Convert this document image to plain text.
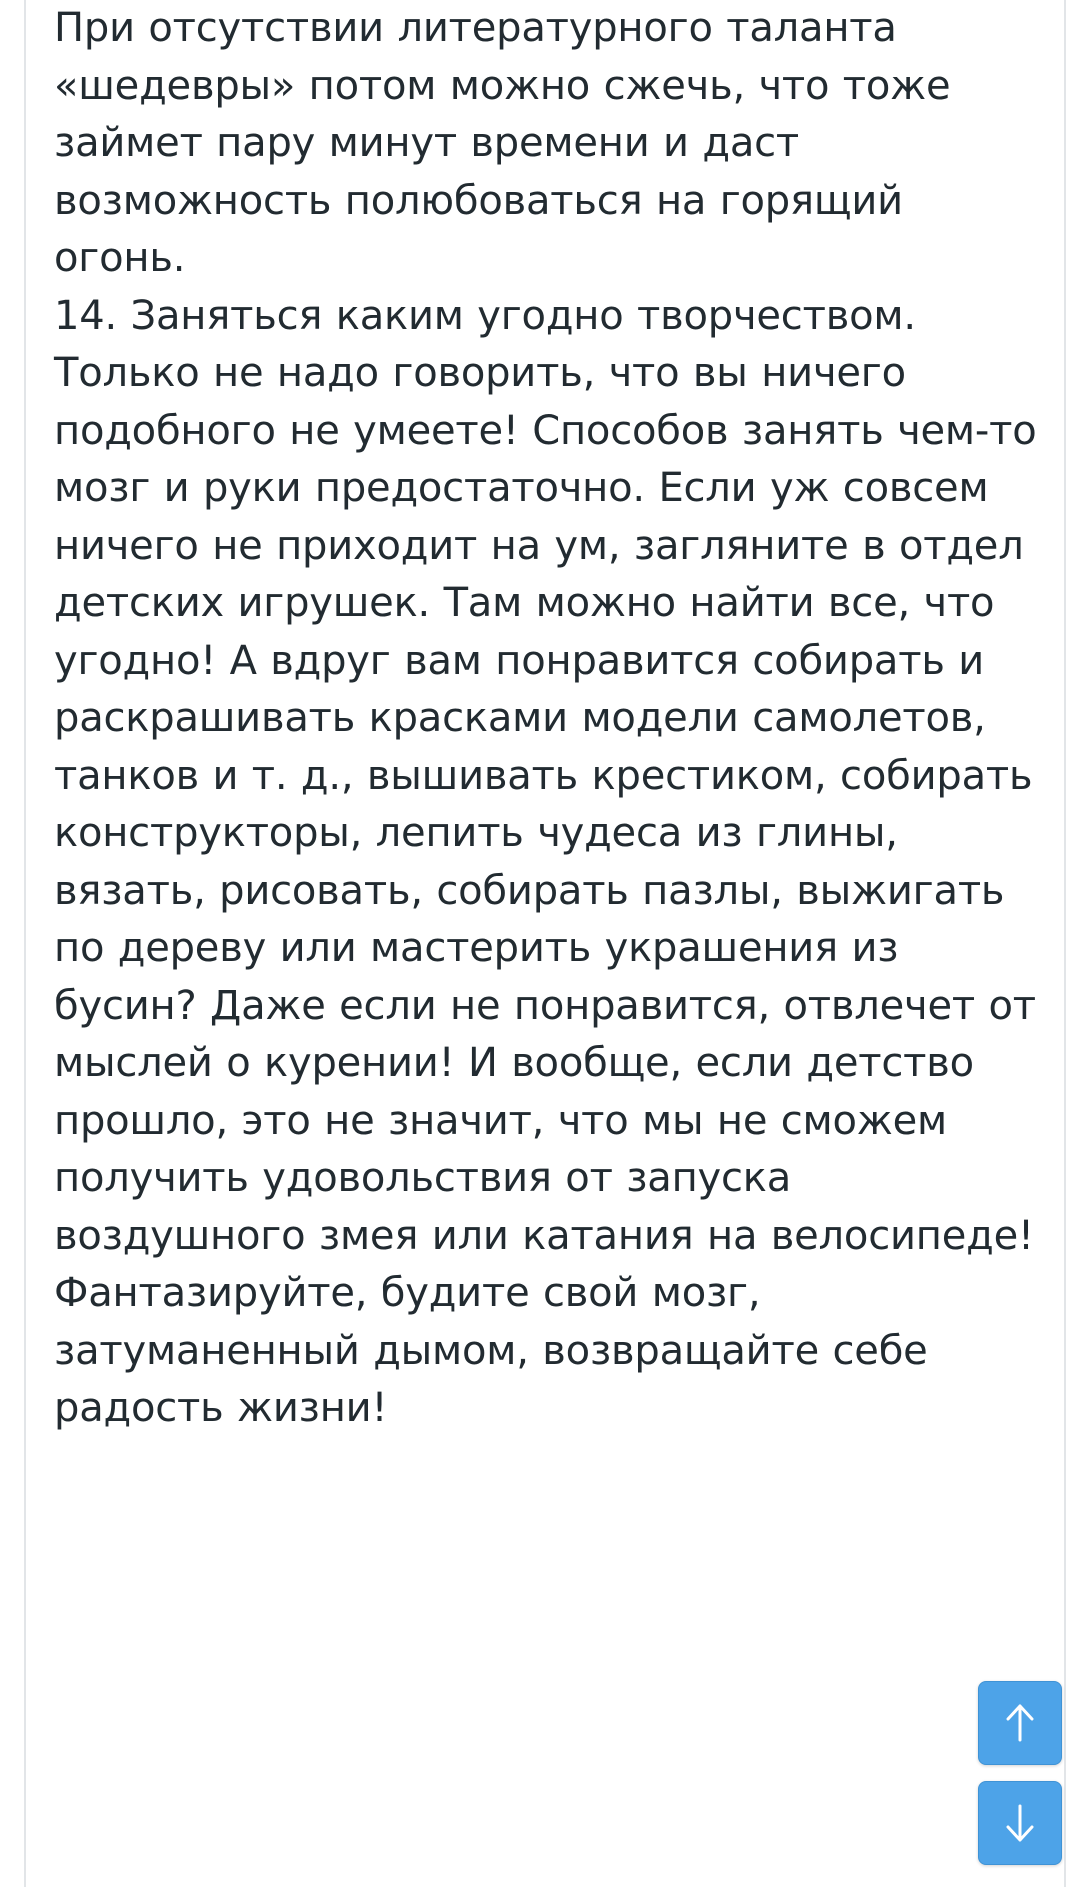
При отсутствии литературного таланта «шедевры» потом можно сжечь, что тоже займет пару минут времени и даст возможность полюбоваться на горящий огонь.

14. Заняться каким угодно творчеством. Только не надо говорить, что вы ничего подобного не умеете! Способов занять чем-то мозг и руки предостаточно. Если уж совсем ничего не приходит на ум, загляните в отдел детских игрушек. Там можно найти все, что угодно! А вдруг вам понравится собирать и раскрашивать красками модели самолетов, танков и т. д., вышивать крестиком, собирать конструкторы, лепить чудеса из глины, вязать, рисовать, собирать пазлы, выжигать по дереву или мастерить украшения из бусин? Даже если не понравится, отвлечет от мыслей о курении! И вообще, если детство прошло, это не значит, что мы не сможем получить удовольствия от запуска воздушного змея или катания на велосипеде! Фантазируйте, будите свой мозг, затуманенный дымом, возвращайте себе радость жизни!
